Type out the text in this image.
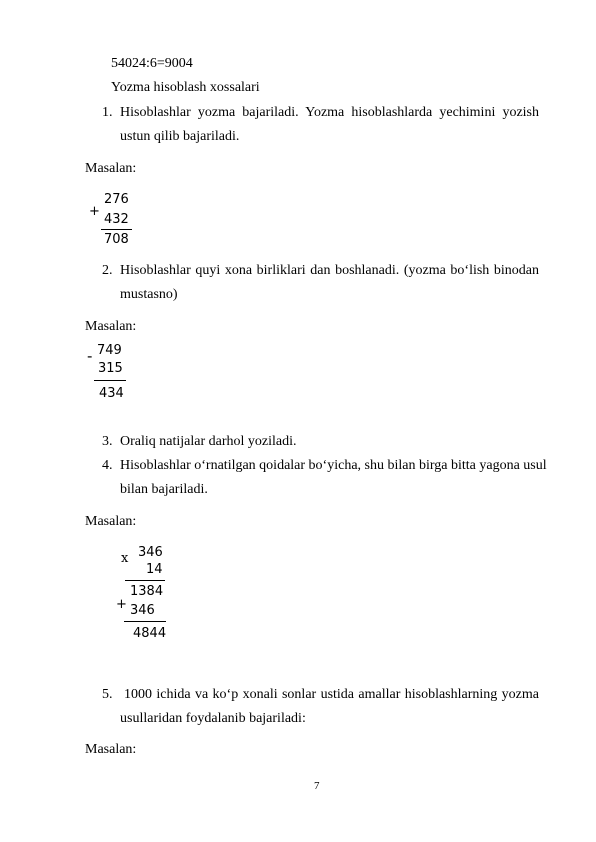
54024:6=9004
Yozma hisoblash xossalari
1. Hisoblashlar yozma bajariladi. Yozma hisoblashlarda yechimini yozish
ustun qilib bajariladi.
Masalan:
+
276
432
708
2. Hisoblashlar quyi xona birliklari dan boshlanadi. (yozma bo‘lish binodan
mustasno)
Masalan:
- 749
315
434
3. Oraliq natijalar darhol yoziladi.
4. Hisoblashlar o‘rnatilgan qoidalar bo‘yicha, shu bilan birga bitta yagona usul
bilan bajariladi.
Masalan:
x 346
14
+
1384
346
4844
5. 1000 ichida va ko‘p xonali sonlar ustida amallar hisoblashlarning yozma
usullaridan foydalanib bajariladi:
Masalan:
7
